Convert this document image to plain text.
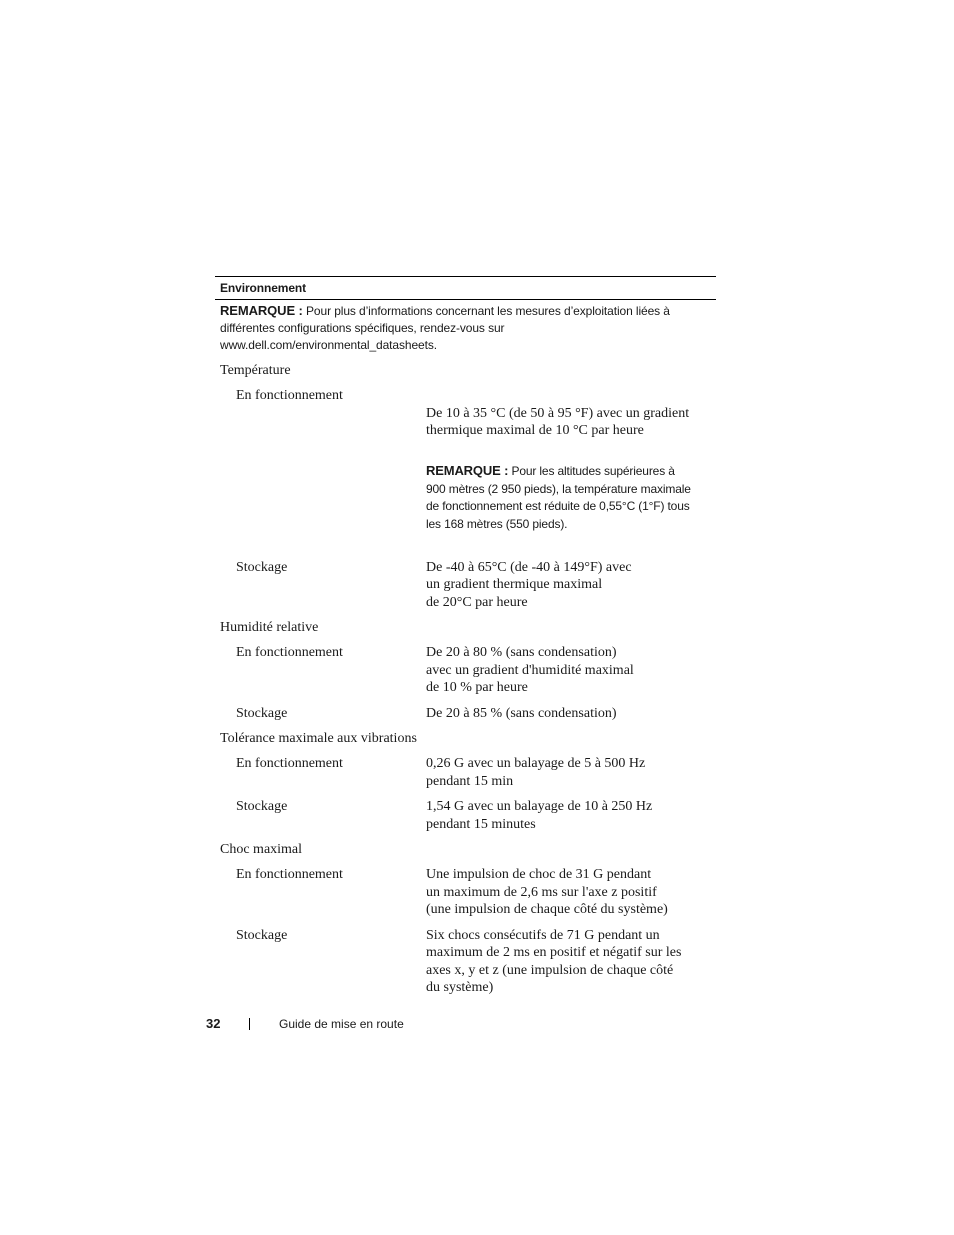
Environnement
REMARQUE : Pour plus d’informations concernant les mesures d’exploitation liées à différentes configurations spécifiques, rendez-vous sur www.dell.com/environmental_datasheets.
Température
En fonctionnement

De 10 à 35 °C (de 50 à 95 °F) avec un gradient thermique maximal de 10 °C par heure

REMARQUE : Pour les altitudes supérieures à 900 mètres (2 950 pieds), la température maximale de fonctionnement est réduite de 0,55°C (1°F) tous les 168 mètres (550 pieds).

Stockage	De -40 à 65°C (de -40 à 149°F) avec
un gradient thermique maximal
de 20°C par heure
Humidité relative
En fonctionnement	De 20 à 80 % (sans condensation)
avec un gradient d'humidité maximal
de 10 % par heure
Stockage	De 20 à 85 % (sans condensation)
Tolérance maximale aux vibrations
En fonctionnement	0,26 G avec un balayage de 5 à 500 Hz
pendant 15 min
Stockage	1,54 G avec un balayage de 10 à 250 Hz
pendant 15 minutes
Choc maximal
En fonctionnement	Une impulsion de choc de 31 G pendant
un maximum de 2,6 ms sur l'axe z positif
(une impulsion de chaque côté du système)
Stockage	Six chocs consécutifs de 71 G pendant un
maximum de 2 ms en positif et négatif sur les
axes x, y et z (une impulsion de chaque côté
du système)
32	Guide de mise en route
